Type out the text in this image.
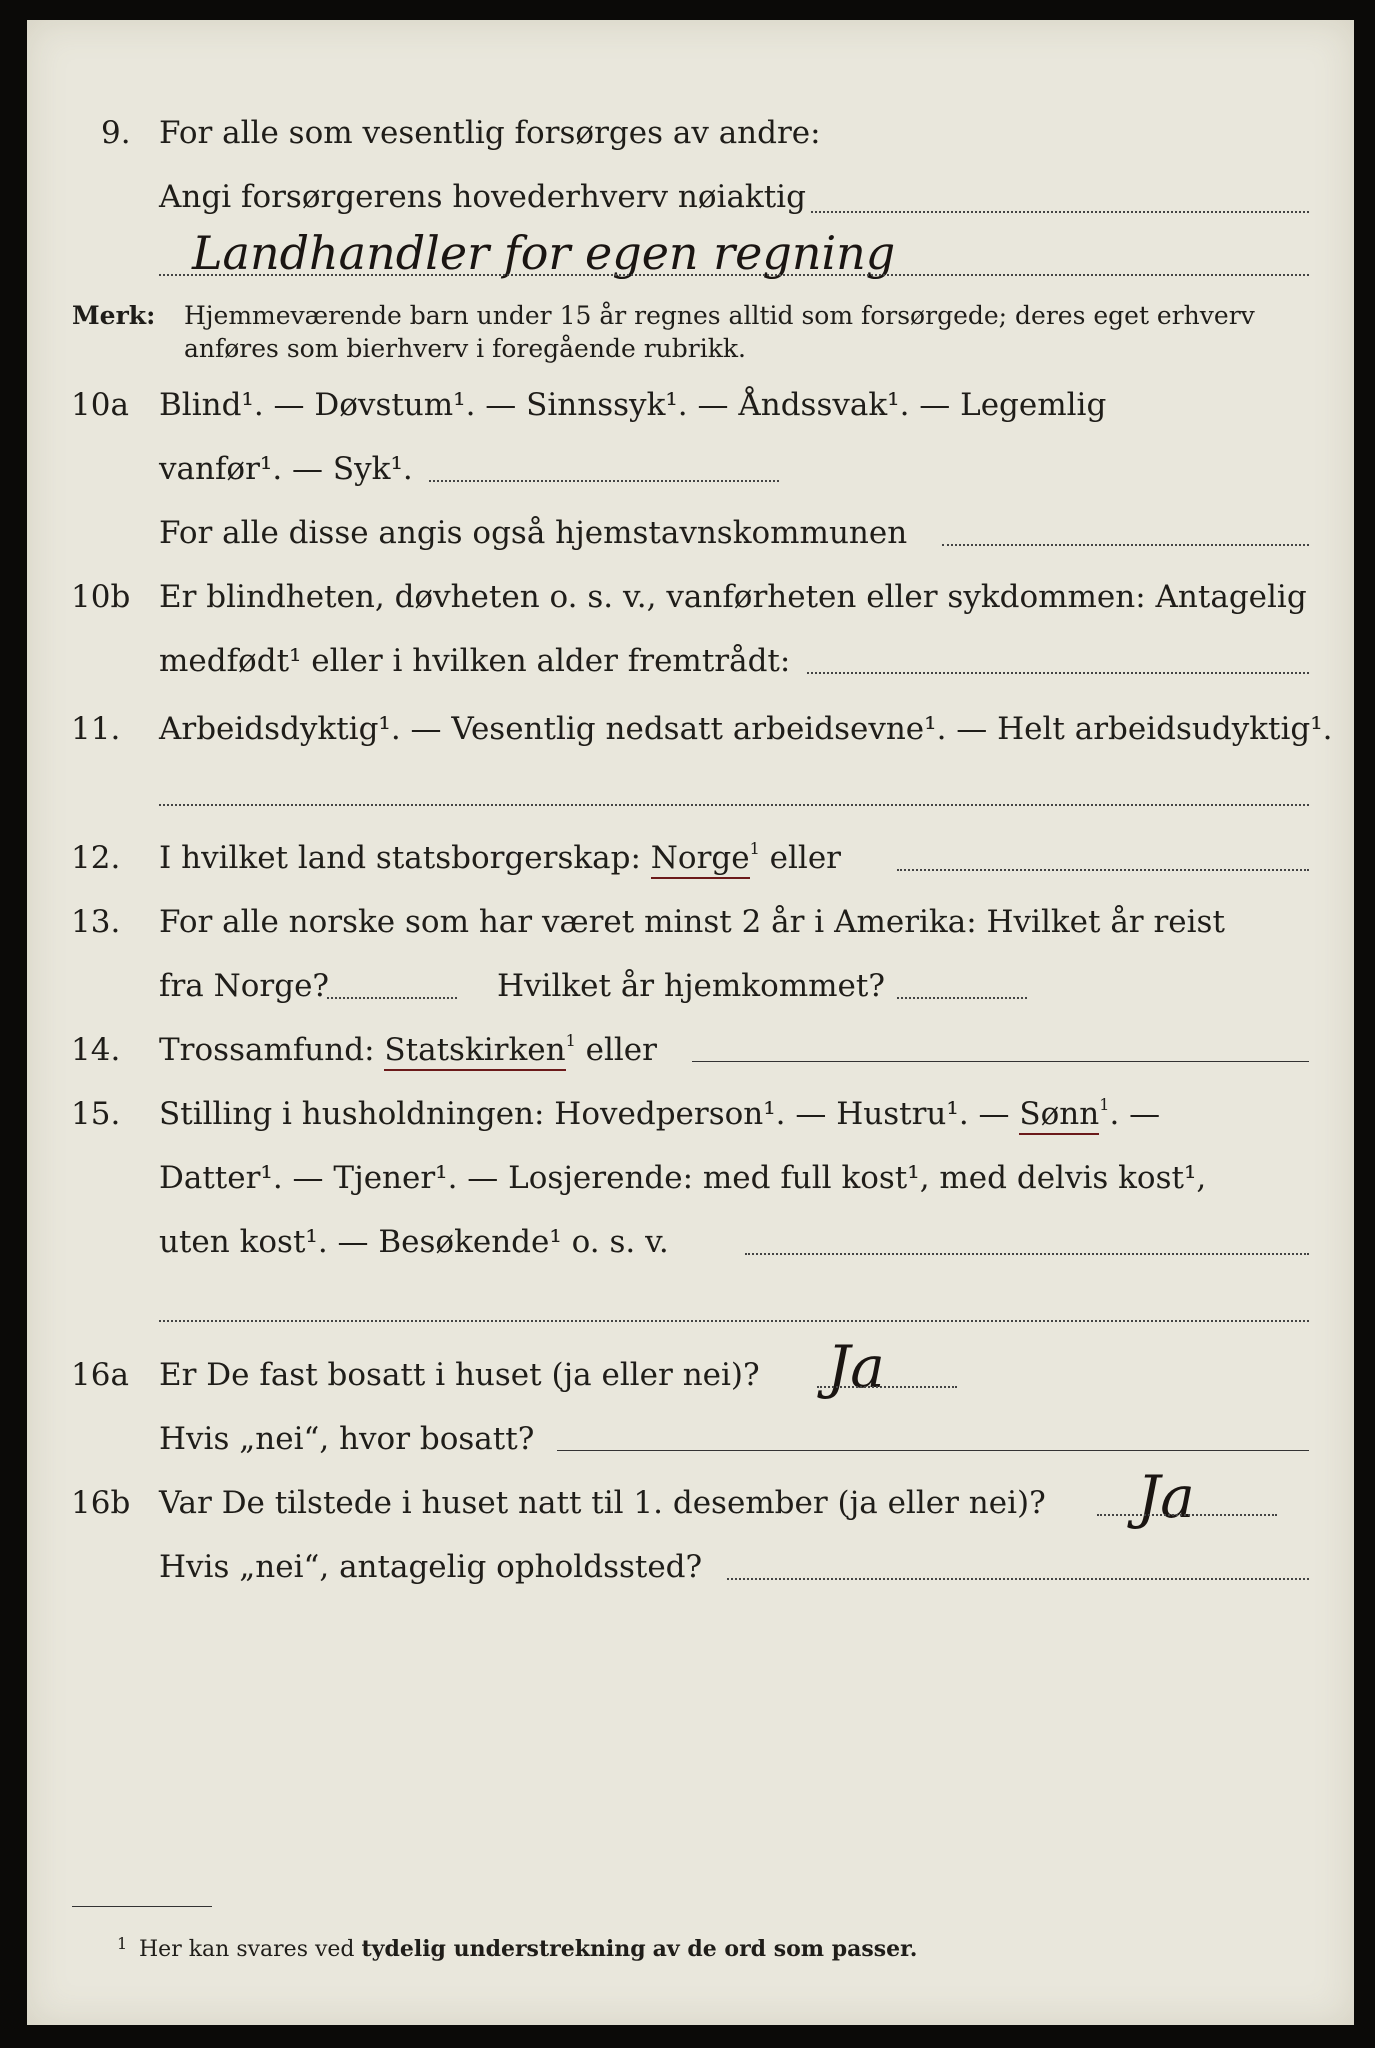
9. For alle som vesentlig forsørges av andre:
Angi forsørgerens hovederhverv nøiaktig
Landhandler for egen regning
Merk: Hjemmeværende barn under 15 år regnes alltid som forsørgede; deres eget erhverv
anføres som bierhverv i foregående rubrikk.
10a Blind¹. — Døvstum¹. — Sinnssyk¹. — Åndssvak¹. — Legemlig
vanfør¹. — Syk¹.
For alle disse angis også hjemstavnskommunen
10b Er blindheten, døvheten o. s. v., vanførheten eller sykdommen: Antagelig
medfødt¹ eller i hvilken alder fremtrådt:
11. Arbeidsdyktig¹. — Vesentlig nedsatt arbeidsevne¹. — Helt arbeidsudyktig¹.
12. I hvilket land statsborgerskap: Norge$^1$ eller
13. For alle norske som har været minst 2 år i Amerika: Hvilket år reist
fra Norge?	Hvilket år hjemkommet?
14. Trossamfund: Statskirken$^1$ eller
15. Stilling i husholdningen: Hovedperson¹. — Hustru¹. — Sønn$^1$. —
Datter¹. — Tjener¹. — Losjerende: med full kost¹, med delvis kost¹,
uten kost¹. — Besøkende¹ o. s. v.
16a Er De fast bosatt i huset (ja eller nei)? Ja
Hvis „nei“, hvor bosatt?
16b Var De tilstede i huset natt til 1. desember (ja eller nei)? Ja
Hvis „nei“, antagelig opholdssted?
1 Her kan svares ved tydelig understrekning av de ord som passer.
